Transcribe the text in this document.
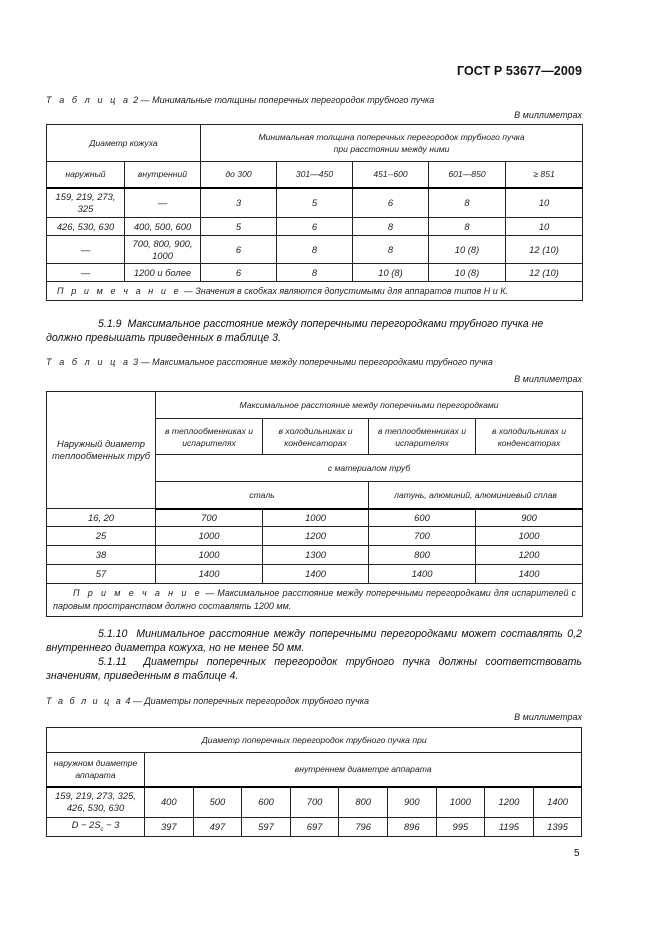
ГОСТ Р 53677—2009
Т а б л и ц а 2 — Минимальные толщины поперечных перегородок трубного пучка
В миллиметрах
Диаметр кожуха		Минимальная толщина поперечных перегородок трубного пучка
при расстоянии между ними				
наружный	внутренний	до 300	301—450	451--600	601—850	≥ 851
159, 219, 273, 325	—	3	5	6	8	10
426, 530, 630	400, 500, 600	5	6	8	8	10
—	700, 800, 900, 1000	6	8	8	10 (8)	12 (10)
—	1200 и более	6	8	10 (8)	10 (8)	12 (10)
П р и м е ч а н и е — Значения в скобках являются допустимыми для аппаратов типов Н и К.						
5.1.9 Максимальное расстояние между поперечными перегородками трубного пучка не должно превышать приведенных в таблице 3.
Т а б л и ц а 3 — Максимальное расстояние между поперечными перегородками трубного пучка
В миллиметрах
Наружный диаметр теплообменных труб	Максимальное расстояние между поперечными перегородками			
	в теплообменниках и испарителях	в холодильниках и конденсаторах	в теплообменниках и испарителях	в холодильниках и конденсаторах
	с материалом труб			
	сталь		латунь, алюминий, алюминиевый сплав	
16, 20	700	1000	600	900
25	1000	1200	700	1000
38	1000	1300	800	1200
57	1400	1400	1400	1400
П р и м е ч а н и е — Максимальное расстояние между поперечными перегородками для испарителей с паровым пространством должно составлять 1200 мм.				
5.1.10 Минимальное расстояние между поперечными перегородками может составлять 0,2 внутреннего диаметра кожуха, но не менее 50 мм.
5.1.11 Диаметры поперечных перегородок трубного пучка должны соответствовать значениям, приведенным в таблице 4.
Т а б л и ц а 4 — Диаметры поперечных перегородок трубного пучка
В миллиметрах
Диаметр поперечных перегородок трубного пучка при									
наружном диаметре аппарата	внутреннем диаметре аппарата								
159, 219, 273, 325, 426, 530, 630	400	500	600	700	800	900	1000	1200	1400
$D - 2S_c - 3$	397	497	597	697	796	896	995	1195	1395
5
